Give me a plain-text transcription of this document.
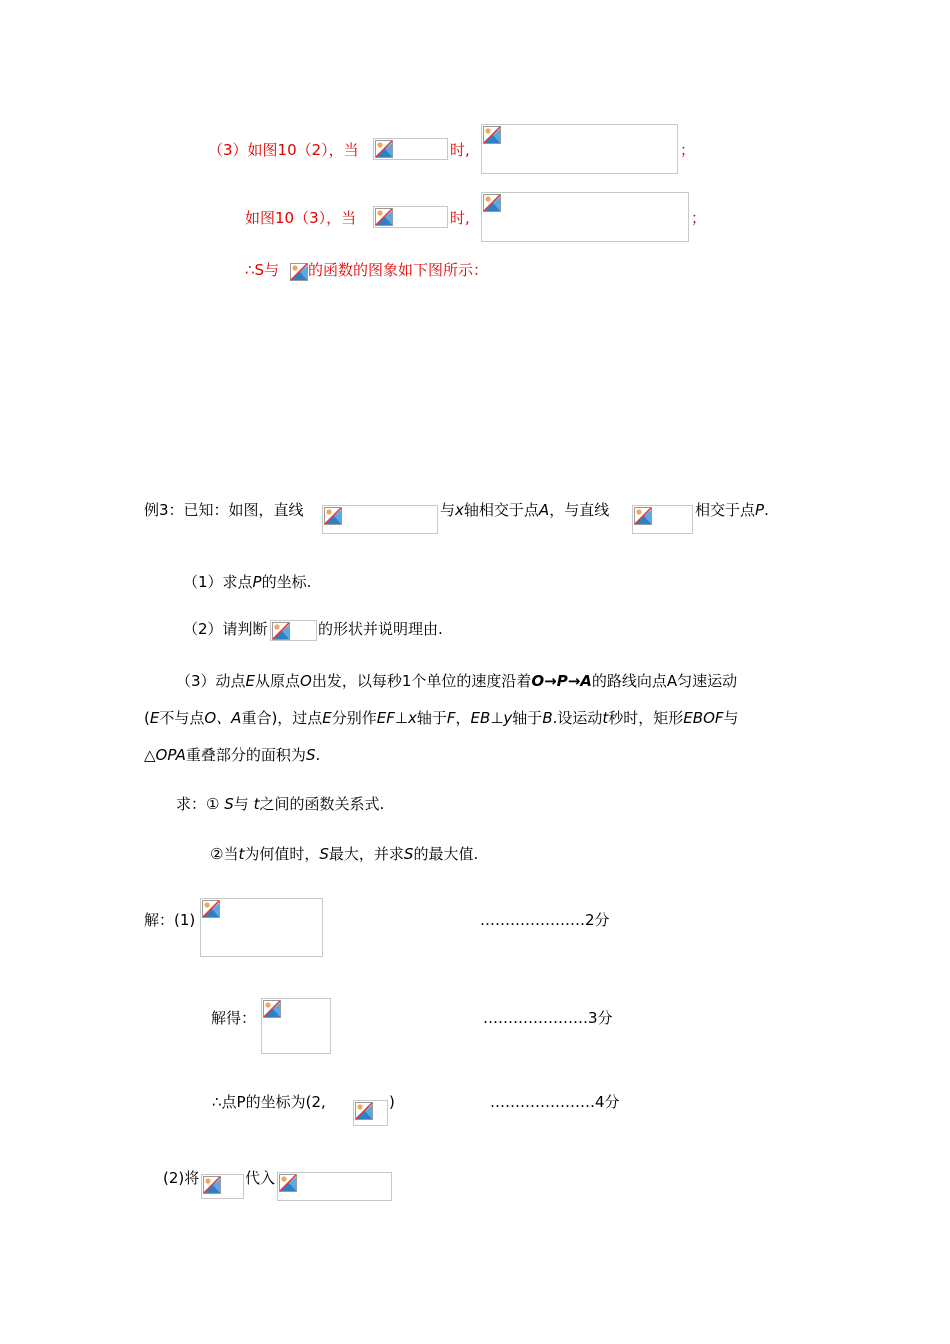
（3）如图10（2），当	时,	；
如图10（3），当	时,	；
∴S与 的函数的图象如下图所示：
例3：已知：如图，直线	与x轴相交于点A，与直线	相交于点P.
（1）求点P的坐标.
（2）请判断	的形状并说明理由.
（3）动点E从原点O出发，以每秒1个单位的速度沿着O→P→A的路线向点A匀速运动
(E不与点O、A重合)，过点E分别作EF⊥x轴于F，EB⊥y轴于B.设运动t秒时，矩形EBOF与
△OPA重叠部分的面积为S.
求：① S与 t之间的函数关系式.
②当t为何值时，S最大，并求S的最大值.
解：(1)	…………………2分
解得：	…………………3分
∴点P的坐标为(2,	)	…………………4分
(2)将	代入
